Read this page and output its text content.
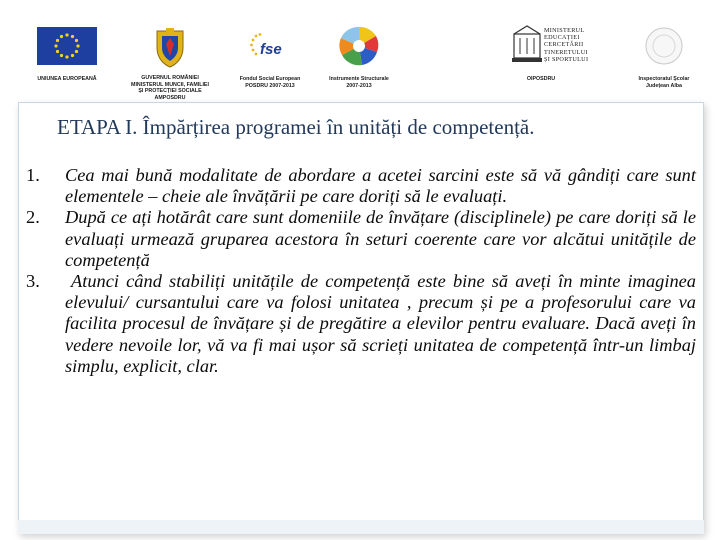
UNIUNEA EUROPEANĂ	GUVERNUL ROMÂNIEI
MINISTERUL MUNCII, FAMILIEI
ȘI PROTECȚIEI SOCIALE
AMPOSDRU
fse
Fondul Social European
POSDRU 2007-2013
Instrumente Structurale
2007-2013
MINISTERUL
EDUCAȚIEI
CERCETĂRII
TINERETULUI
ȘI SPORTULUI
OIPOSDRU	Inspectoratul Școlar
Județean Alba
ETAPA I. Împărțirea programei în unități de competență.
1. Cea mai bună modalitate de abordare a acetei sarcini este să vă gândiți care sunt elementele – cheie ale învățării pe care doriți să le evaluați.
2. După ce ați hotărât care sunt domeniile de învățare (disciplinele) pe care doriți să le evaluați urmează gruparea acestora în seturi coerente care vor alcătui unitățile de competență
3.	Atunci când stabiliți unitățile de competență este bine să aveți în minte imaginea elevului/ cursantului care va folosi unitatea , precum și pe a profesorului care va facilita procesul de învățare și de pregătire a elevilor pentru evaluare. Dacă aveți în vedere nevoile lor, vă va fi mai ușor să scrieți unitatea de competență într-un limbaj simplu, explicit, clar.
